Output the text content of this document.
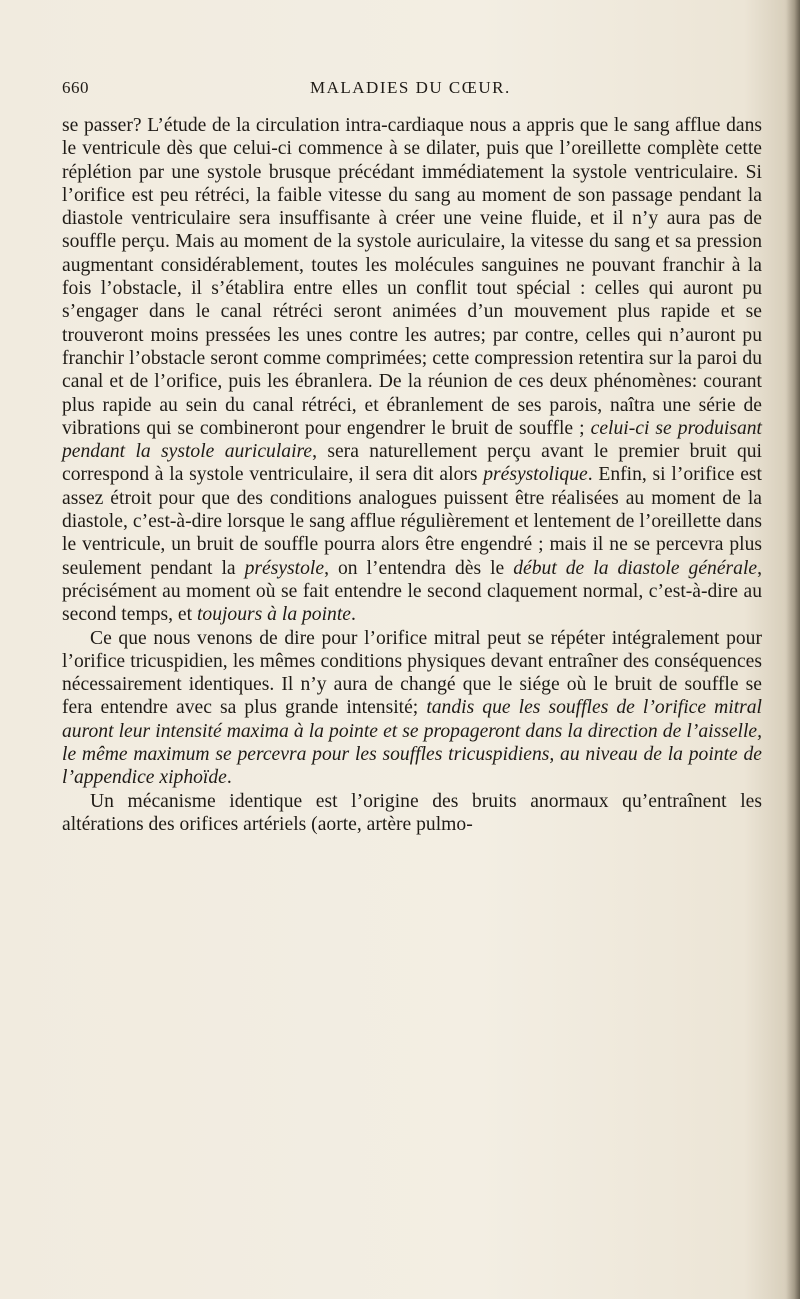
660	MALADIES DU CŒUR.

se passer? L’étude de la circulation intra-cardiaque nous a appris que le sang afflue dans le ventricule dès que celui-ci commence à se dilater, puis que l’oreillette complète cette réplétion par une systole brusque précédant immédiatement la systole ventriculaire. Si l’orifice est peu rétréci, la faible vitesse du sang au moment de son passage pendant la diastole ventriculaire sera insuffisante à créer une veine fluide, et il n’y aura pas de souffle perçu. Mais au moment de la systole auriculaire, la vitesse du sang et sa pression augmentant considérablement, toutes les molécules sanguines ne pouvant franchir à la fois l’obstacle, il s’établira entre elles un conflit tout spécial : celles qui auront pu s’engager dans le canal rétréci seront animées d’un mouvement plus rapide et se trouveront moins pressées les unes contre les autres; par contre, celles qui n’auront pu franchir l’obstacle seront comme comprimées; cette compression retentira sur la paroi du canal et de l’orifice, puis les ébranlera. De la réunion de ces deux phénomènes: courant plus rapide au sein du canal rétréci, et ébranlement de ses parois, naîtra une série de vibrations qui se combineront pour engendrer le bruit de souffle ; celui-ci se produisant pendant la systole auriculaire, sera naturellement perçu avant le premier bruit qui correspond à la systole ventriculaire, il sera dit alors présystolique. Enfin, si l’orifice est assez étroit pour que des conditions analogues puissent être réalisées au moment de la diastole, c’est-à-dire lorsque le sang afflue régulièrement et lentement de l’oreillette dans le ventricule, un bruit de souffle pourra alors être engendré ; mais il ne se percevra plus seulement pendant la présystole, on l’entendra dès le début de la diastole générale, précisément au moment où se fait entendre le second claquement normal, c’est-à-dire au second temps, et toujours à la pointe.

Ce que nous venons de dire pour l’orifice mitral peut se répéter intégralement pour l’orifice tricuspidien, les mêmes conditions physiques devant entraîner des conséquences nécessairement identiques. Il n’y aura de changé que le siége où le bruit de souffle se fera entendre avec sa plus grande intensité; tandis que les souffles de l’orifice mitral auront leur intensité maxima à la pointe et se propageront dans la direction de l’aisselle, le même maximum se percevra pour les souffles tricuspidiens, au niveau de la pointe de l’appendice xiphoïde.

Un mécanisme identique est l’origine des bruits anormaux qu’entraînent les altérations des orifices artériels (aorte, artère pulmo-
